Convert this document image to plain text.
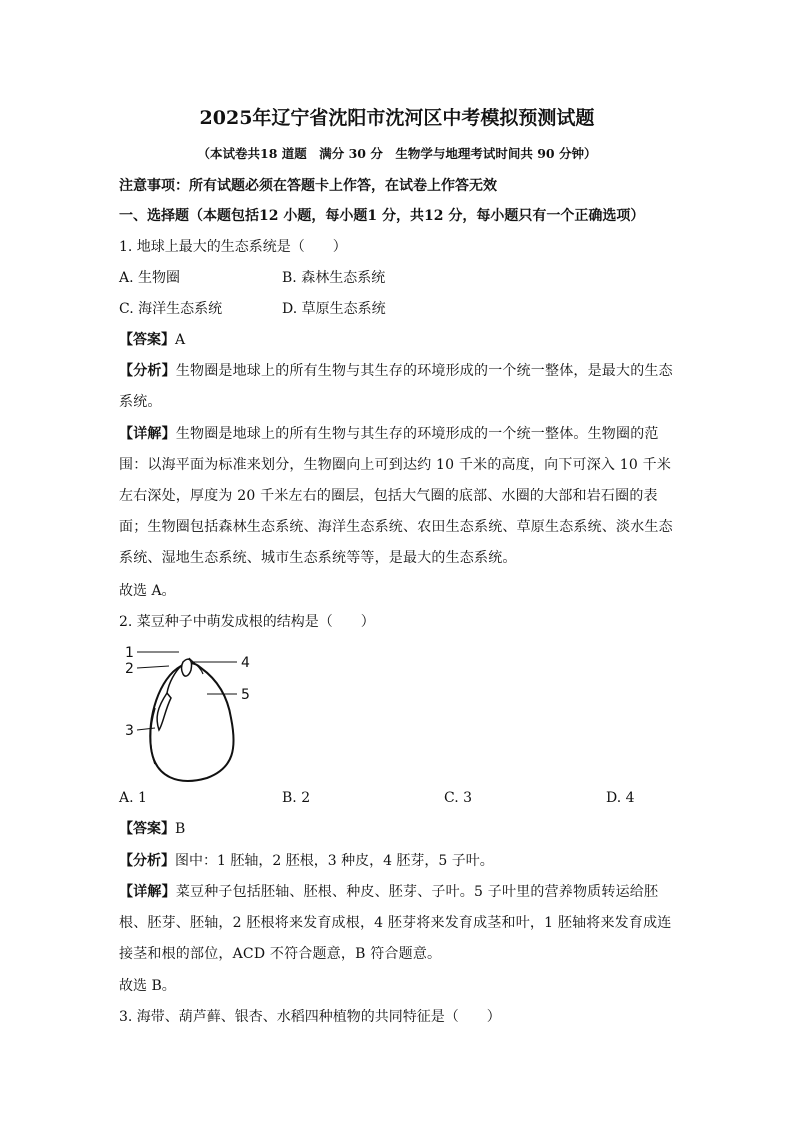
2025年辽宁省沈阳市沈河区中考模拟预测试题
（本试卷共18 道题　满分 30 分　生物学与地理考试时间共 90 分钟）
注意事项：所有试题必须在答题卡上作答，在试卷上作答无效
一、选择题（本题包括12 小题，每小题1 分，共12 分，每小题只有一个正确选项）
1. 地球上最大的生态系统是（　　）
A. 生物圈	B. 森林生态系统
C. 海洋生态系统	D. 草原生态系统
【答案】A
【分析】生物圈是地球上的所有生物与其生存的环境形成的一个统一整体，是最大的生态系统。
【详解】生物圈是地球上的所有生物与其生存的环境形成的一个统一整体。生物圈的范围：以海平面为标准来划分，生物圈向上可到达约 10 千米的高度，向下可深入 10 千米左右深处，厚度为 20 千米左右的圈层，包括大气圈的底部、水圈的大部和岩石圈的表面；生物圈包括森林生态系统、海洋生态系统、农田生态系统、草原生态系统、淡水生态系统、湿地生态系统、城市生态系统等等，是最大的生态系统。
故选 A。
2. 菜豆种子中萌发成根的结构是（　　）
1
2
3
4
5
A. 1	B. 2	C. 3	D. 4
【答案】B
【分析】图中：1 胚轴，2 胚根，3 种皮，4 胚芽，5 子叶。
【详解】菜豆种子包括胚轴、胚根、种皮、胚芽、子叶。5 子叶里的营养物质转运给胚根、胚芽、胚轴，2 胚根将来发育成根，4 胚芽将来发育成茎和叶，1 胚轴将来发育成连接茎和根的部位，ACD 不符合题意，B 符合题意。
故选 B。
3. 海带、葫芦藓、银杏、水稻四种植物的共同特征是（　　）
